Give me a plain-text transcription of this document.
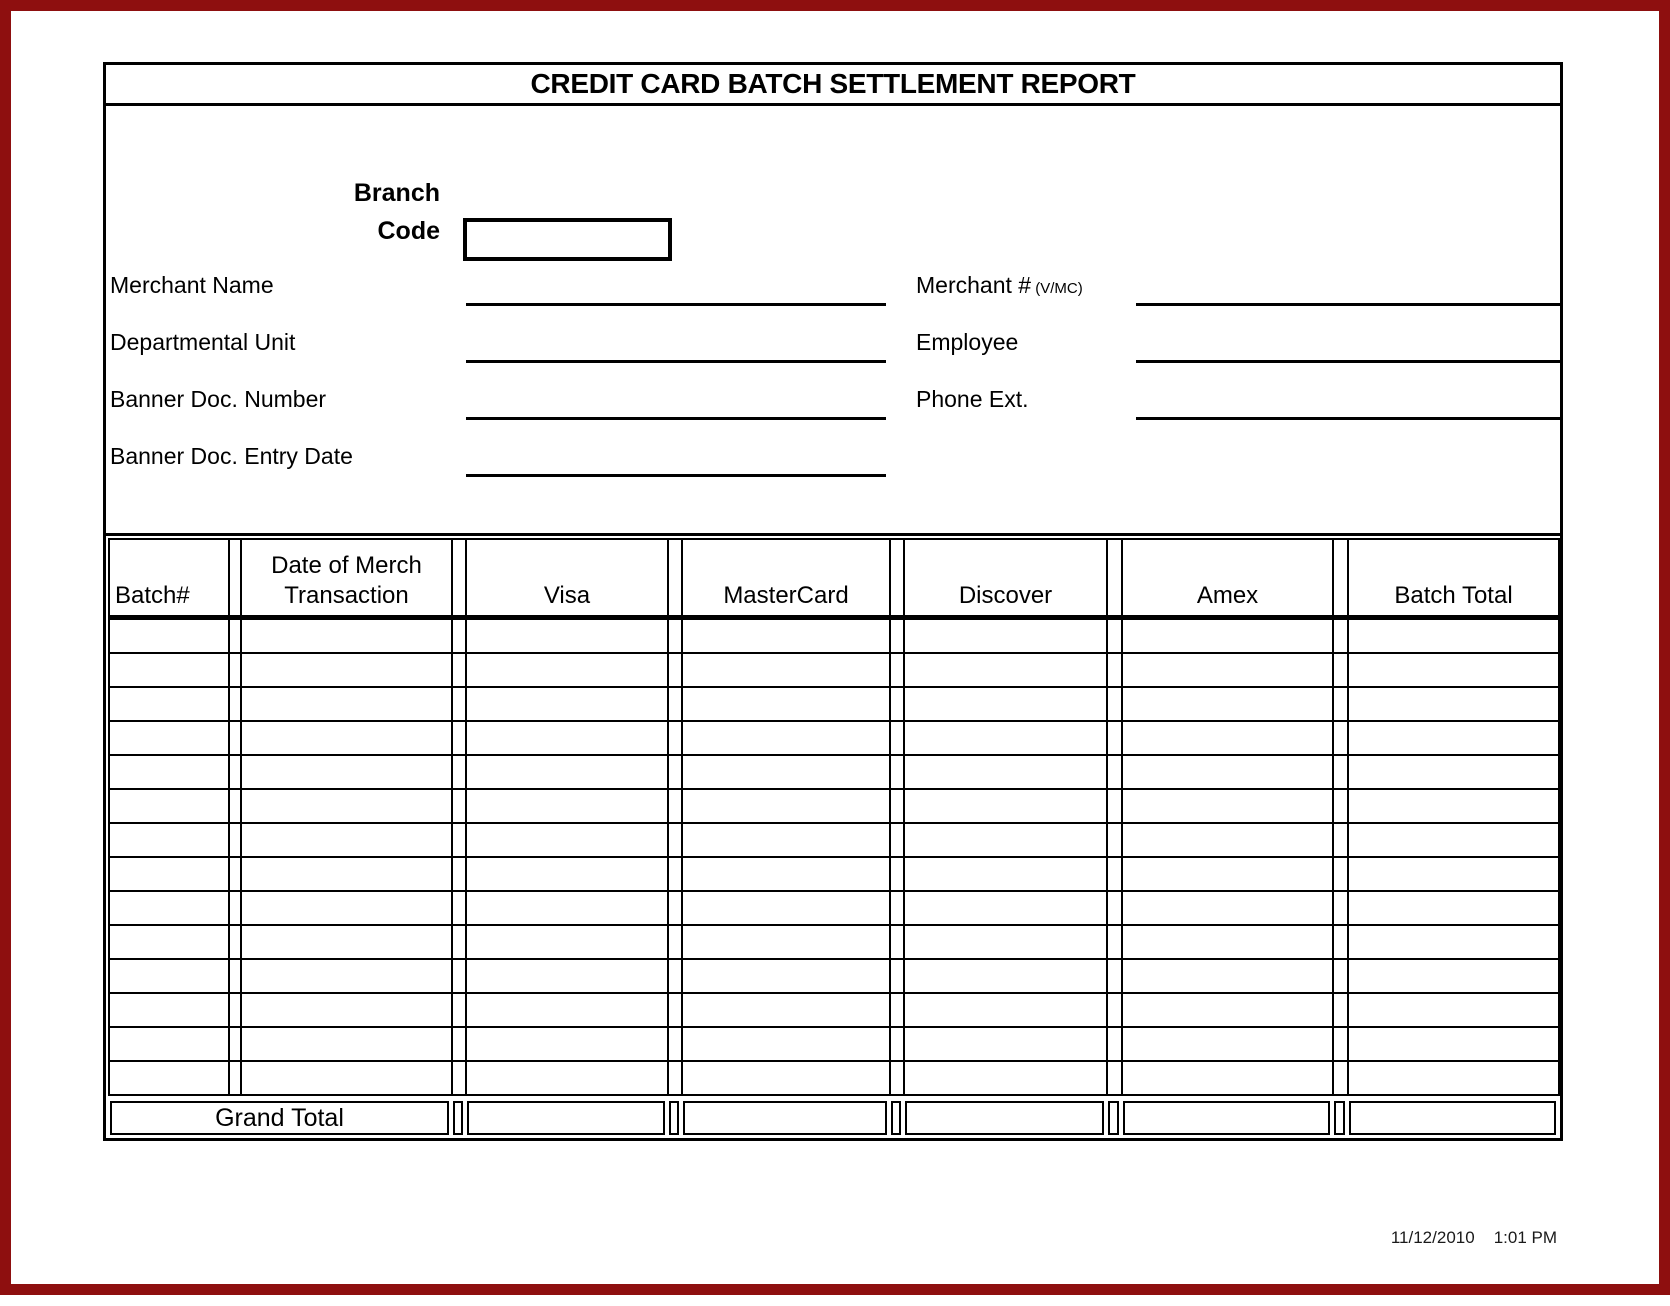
CREDIT CARD BATCH SETTLEMENT REPORT
Branch
Code
Merchant Name
Departmental Unit
Banner Doc. Number
Banner Doc. Entry Date
Merchant # (V/MC)
Employee
Phone Ext.
Batch#		Date of Merch Transaction		Visa		MasterCard		Discover		Amex		Batch Total

Grand Total
11/12/2010 1:01 PM
